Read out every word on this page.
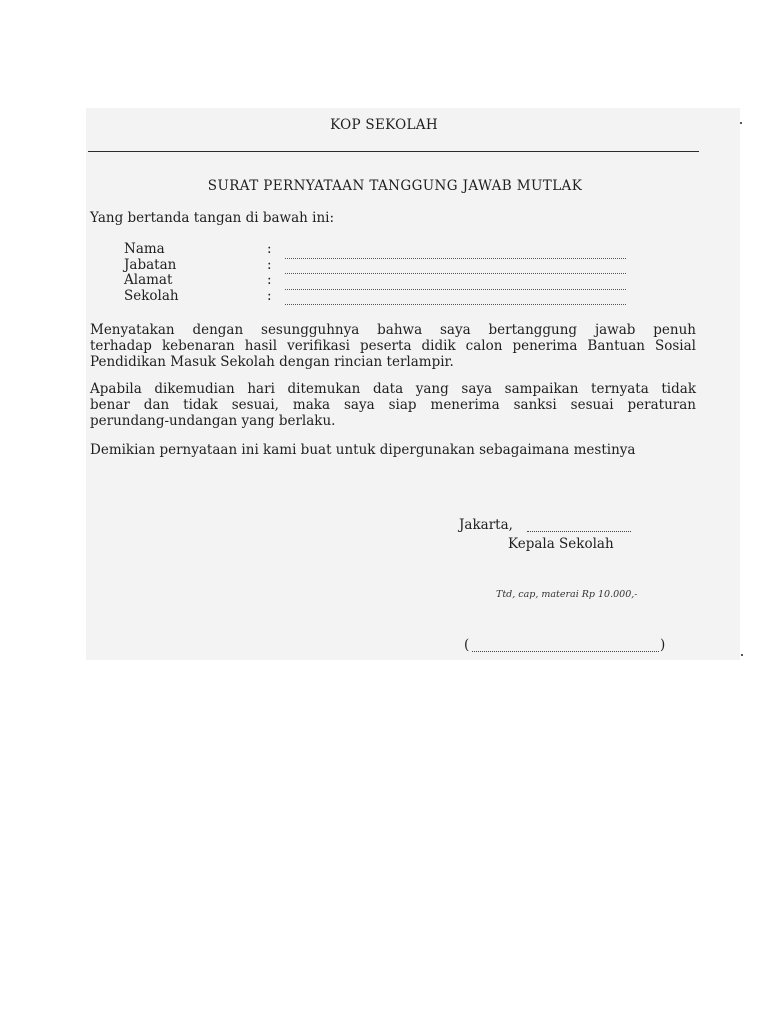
KOP SEKOLAH
SURAT PERNYATAAN TANGGUNG JAWAB MUTLAK
Yang bertanda tangan di bawah ini:
Nama	:
Jabatan	:
Alamat	:
Sekolah	:
Menyatakan dengan sesungguhnya bahwa saya bertanggung jawab penuh
terhadap kebenaran hasil verifikasi peserta didik calon penerima Bantuan Sosial
Pendidikan Masuk Sekolah dengan rincian terlampir.
Apabila dikemudian hari ditemukan data yang saya sampaikan ternyata tidak
benar dan tidak sesuai, maka saya siap menerima sanksi sesuai peraturan
perundang-undangan yang berlaku.
Demikian pernyataan ini kami buat untuk dipergunakan sebagaimana mestinya
Jakarta,
Kepala Sekolah
Ttd, cap, materai Rp 10.000,-
(	)
